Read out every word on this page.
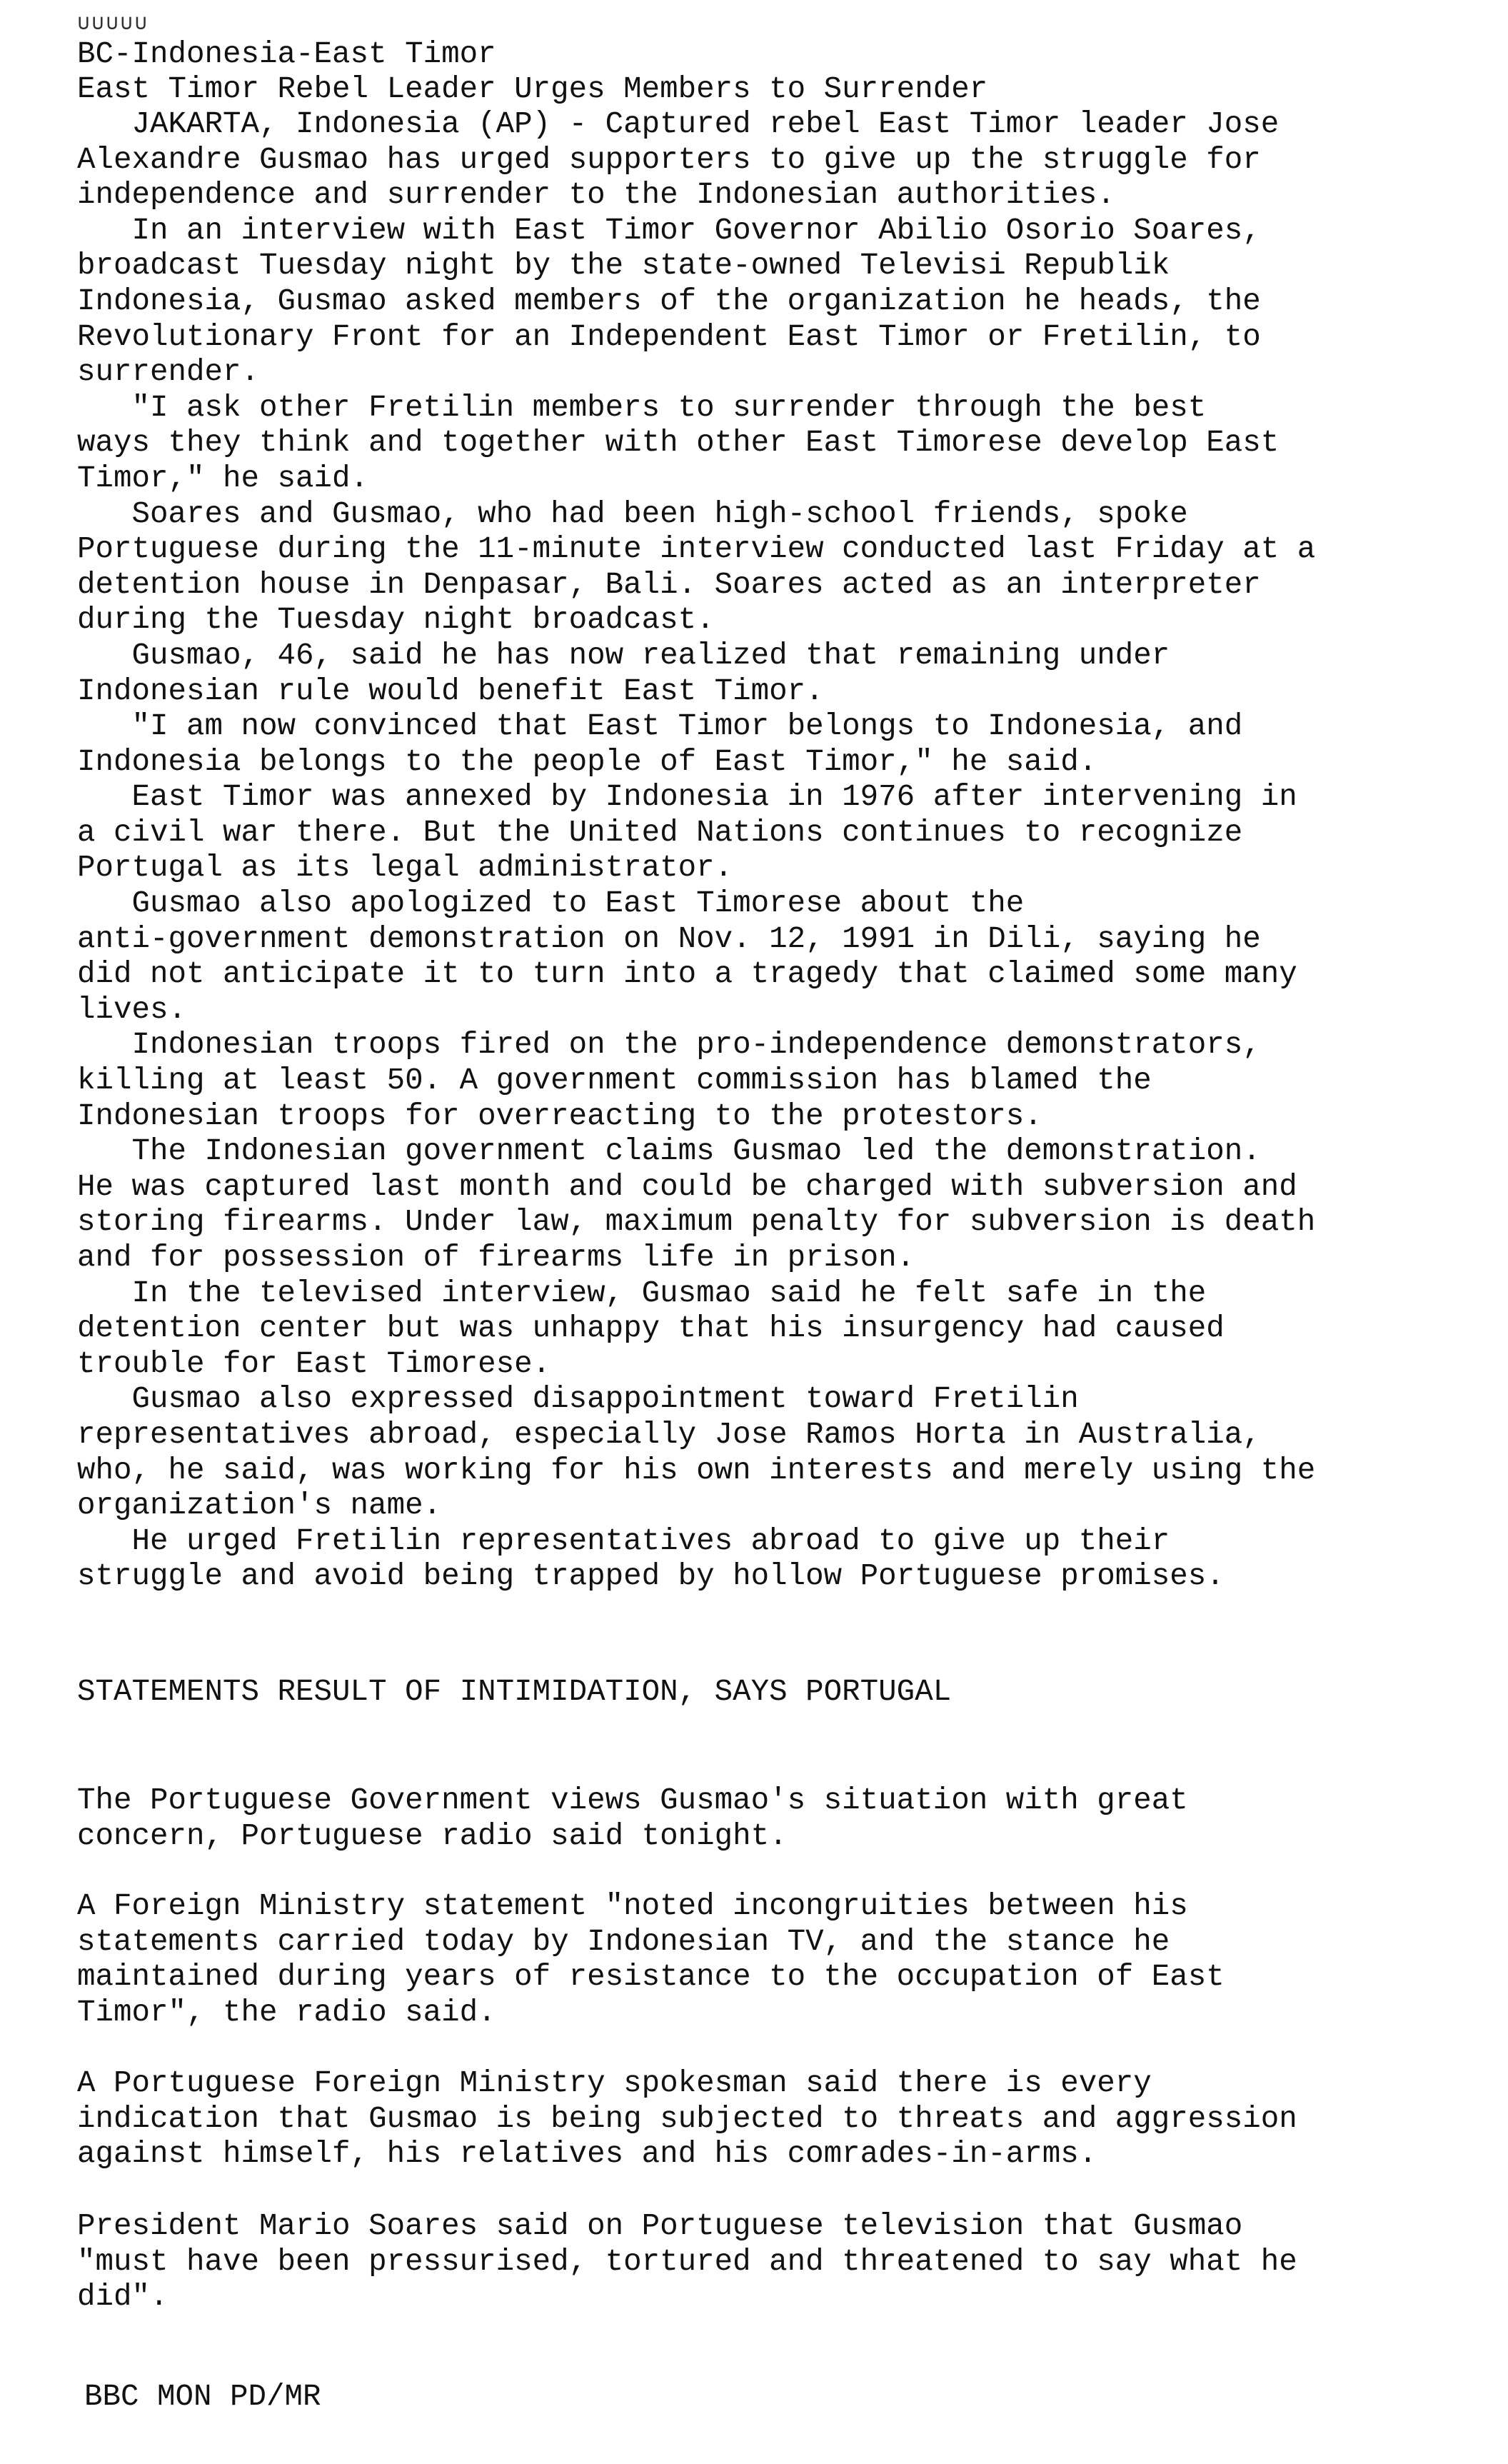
∪∪∪∪∪
BC-Indonesia-East Timor
East Timor Rebel Leader Urges Members to Surrender
JAKARTA, Indonesia (AP) - Captured rebel East Timor leader Jose
Alexandre Gusmao has urged supporters to give up the struggle for
independence and surrender to the Indonesian authorities.
In an interview with East Timor Governor Abilio Osorio Soares,
broadcast Tuesday night by the state-owned Televisi Republik
Indonesia, Gusmao asked members of the organization he heads, the
Revolutionary Front for an Independent East Timor or Fretilin, to
surrender.
"I ask other Fretilin members to surrender through the best
ways they think and together with other East Timorese develop East
Timor," he said.
Soares and Gusmao, who had been high-school friends, spoke
Portuguese during the 11-minute interview conducted last Friday at a
detention house in Denpasar, Bali. Soares acted as an interpreter
during the Tuesday night broadcast.
Gusmao, 46, said he has now realized that remaining under
Indonesian rule would benefit East Timor.
"I am now convinced that East Timor belongs to Indonesia, and
Indonesia belongs to the people of East Timor," he said.
East Timor was annexed by Indonesia in 1976 after intervening in
a civil war there. But the United Nations continues to recognize
Portugal as its legal administrator.
Gusmao also apologized to East Timorese about the
anti-government demonstration on Nov. 12, 1991 in Dili, saying he
did not anticipate it to turn into a tragedy that claimed some many
lives.
Indonesian troops fired on the pro-independence demonstrators,
killing at least 50. A government commission has blamed the
Indonesian troops for overreacting to the protestors.
The Indonesian government claims Gusmao led the demonstration.
He was captured last month and could be charged with subversion and
storing firearms. Under law, maximum penalty for subversion is death
and for possession of firearms life in prison.
In the televised interview, Gusmao said he felt safe in the
detention center but was unhappy that his insurgency had caused
trouble for East Timorese.
Gusmao also expressed disappointment toward Fretilin
representatives abroad, especially Jose Ramos Horta in Australia,
who, he said, was working for his own interests and merely using the
organization's name.
He urged Fretilin representatives abroad to give up their
struggle and avoid being trapped by hollow Portuguese promises.
STATEMENTS RESULT OF INTIMIDATION, SAYS PORTUGAL
The Portuguese Government views Gusmao's situation with great
concern, Portuguese radio said tonight.
A Foreign Ministry statement "noted incongruities between his
statements carried today by Indonesian TV, and the stance he
maintained during years of resistance to the occupation of East
Timor", the radio said.
A Portuguese Foreign Ministry spokesman said there is every
indication that Gusmao is being subjected to threats and aggression
against himself, his relatives and his comrades-in-arms.
President Mario Soares said on Portuguese television that Gusmao
"must have been pressurised, tortured and threatened to say what he
did".
BBC MON PD/MR
